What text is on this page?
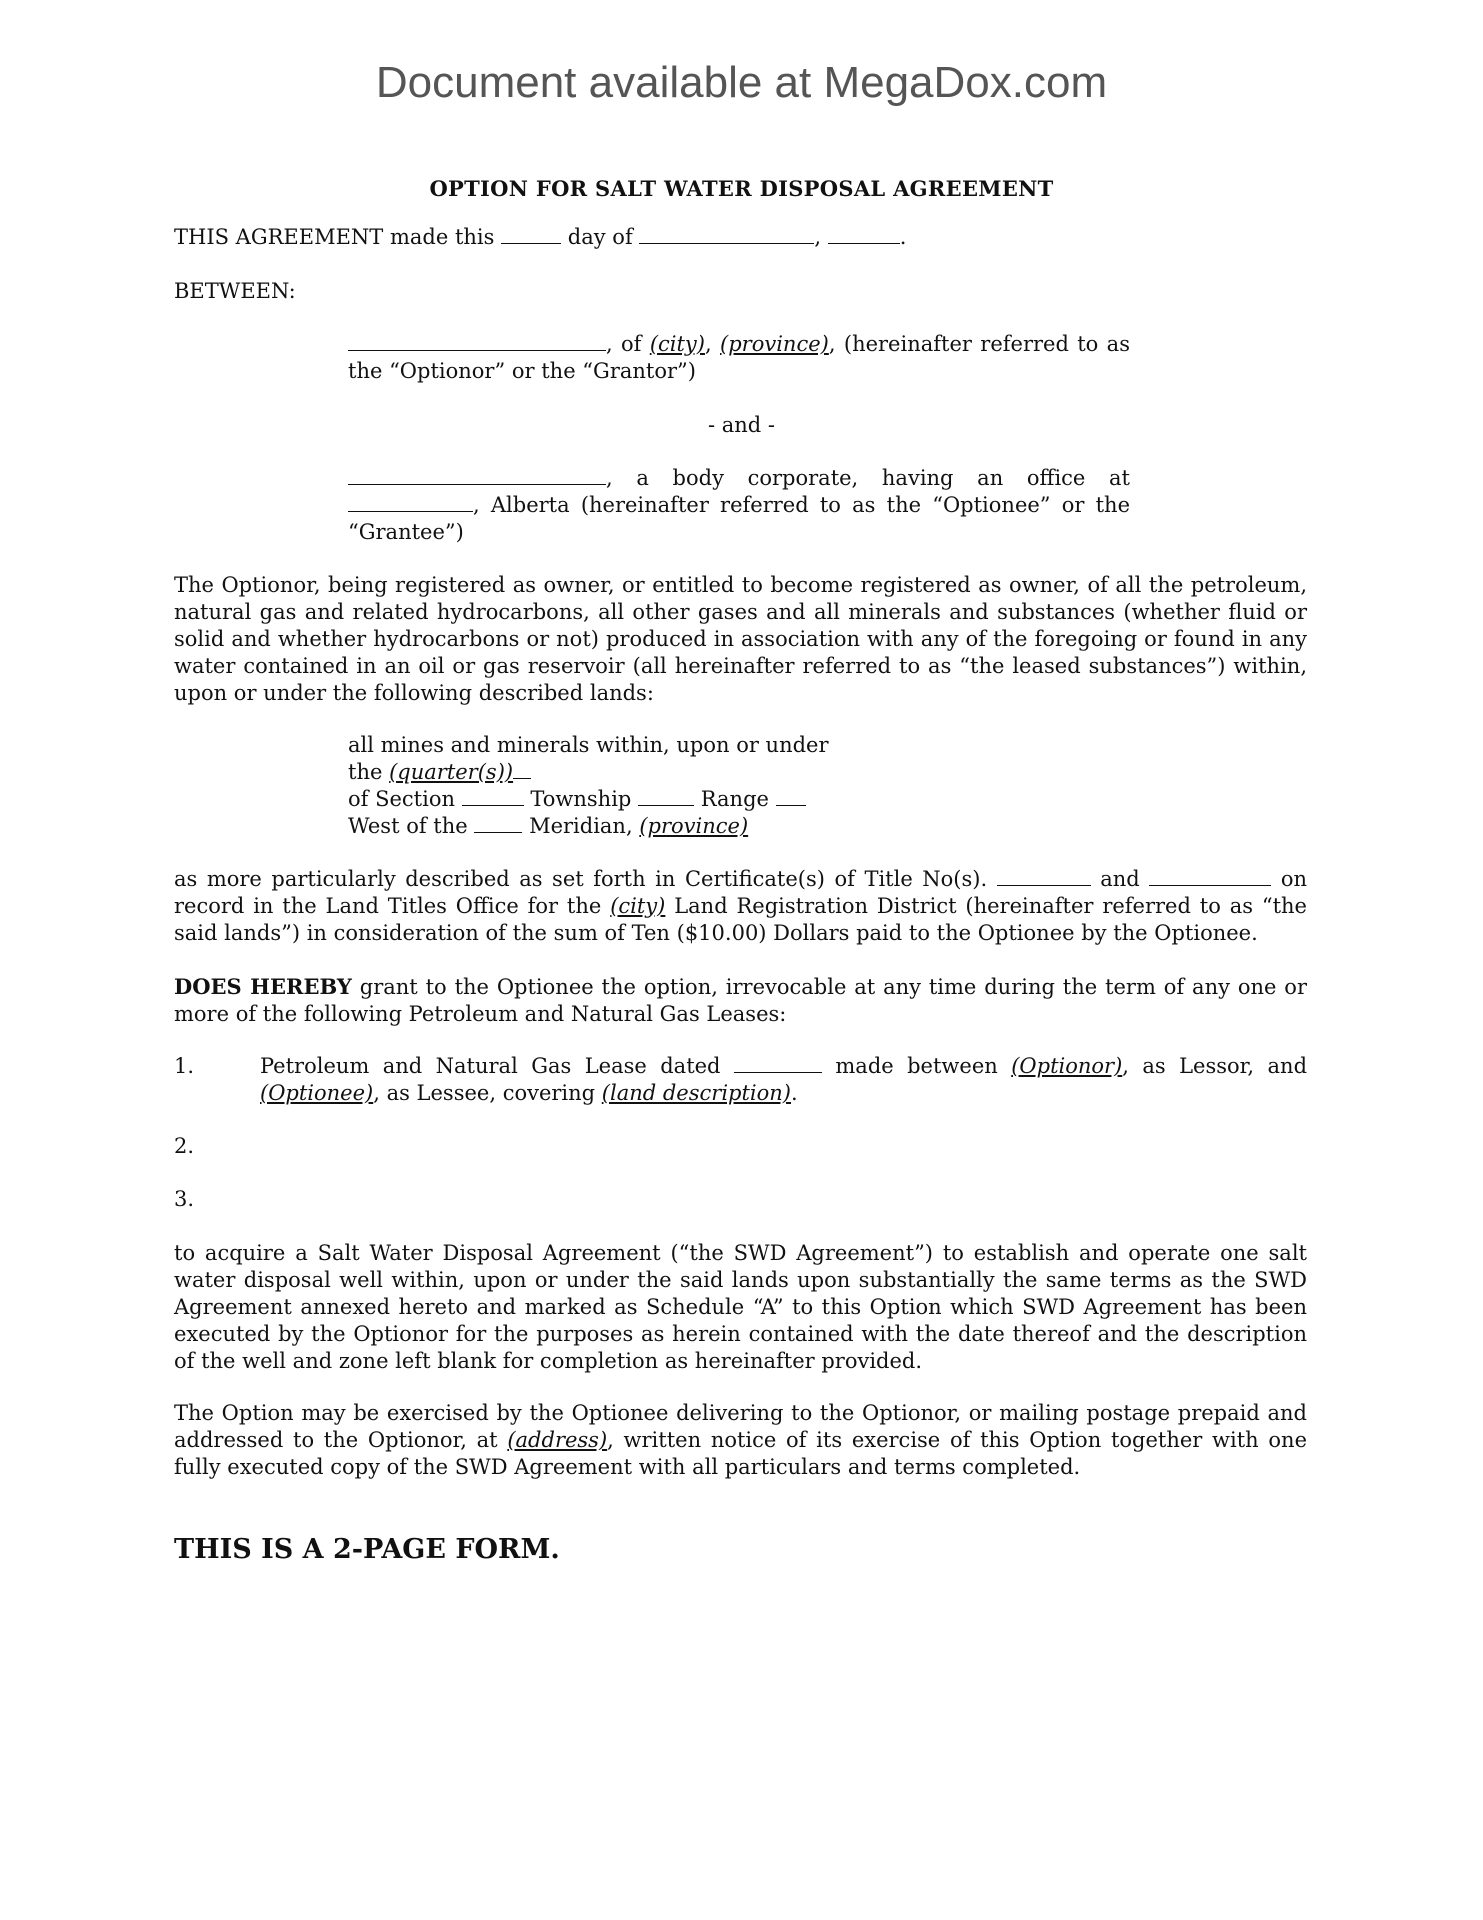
Document available at MegaDox.com
OPTION FOR SALT WATER DISPOSAL AGREEMENT
THIS AGREEMENT made this	day of	,	.
BETWEEN:
, of (city), (province), (hereinafter referred to as
the “Optionor” or the “Grantor”)
- and -
, a body corporate, having an office at
, Alberta (hereinafter referred to as the “Optionee” or the
“Grantee”)
The Optionor, being registered as owner, or entitled to become registered as owner, of all the petroleum, natural gas and related hydrocarbons, all other gases and all minerals and substances (whether fluid or solid and whether hydrocarbons or not) produced in association with any of the foregoing or found in any water contained in an oil or gas reservoir (all hereinafter referred to as “the leased substances”) within, upon or under the following described lands:
all mines and minerals within, upon or under
the (quarter(s))
of Section	Township	Range
West of the	Meridian, (province)
as more particularly described as set forth in Certificate(s) of Title No(s).	and	on
record in the Land Titles Office for the (city) Land Registration District (hereinafter referred to as “the
said lands”) in consideration of the sum of Ten ($10.00) Dollars paid to the Optionee by the Optionee.
DOES HEREBY grant to the Optionee the option, irrevocable at any time during the term of any one or more of the following Petroleum and Natural Gas Leases:
1.	Petroleum and Natural Gas Lease dated	made between (Optionor), as Lessor, and
(Optionee), as Lessee, covering (land description).
2.
3.
to acquire a Salt Water Disposal Agreement (“the SWD Agreement”) to establish and operate one salt water disposal well within, upon or under the said lands upon substantially the same terms as the SWD Agreement annexed hereto and marked as Schedule “A” to this Option which SWD Agreement has been executed by the Optionor for the purposes as herein contained with the date thereof and the description of the well and zone left blank for completion as hereinafter provided.
The Option may be exercised by the Optionee delivering to the Optionor, or mailing postage prepaid and addressed to the Optionor, at (address), written notice of its exercise of this Option together with one fully executed copy of the SWD Agreement with all particulars and terms completed.
THIS IS A 2-PAGE FORM.
